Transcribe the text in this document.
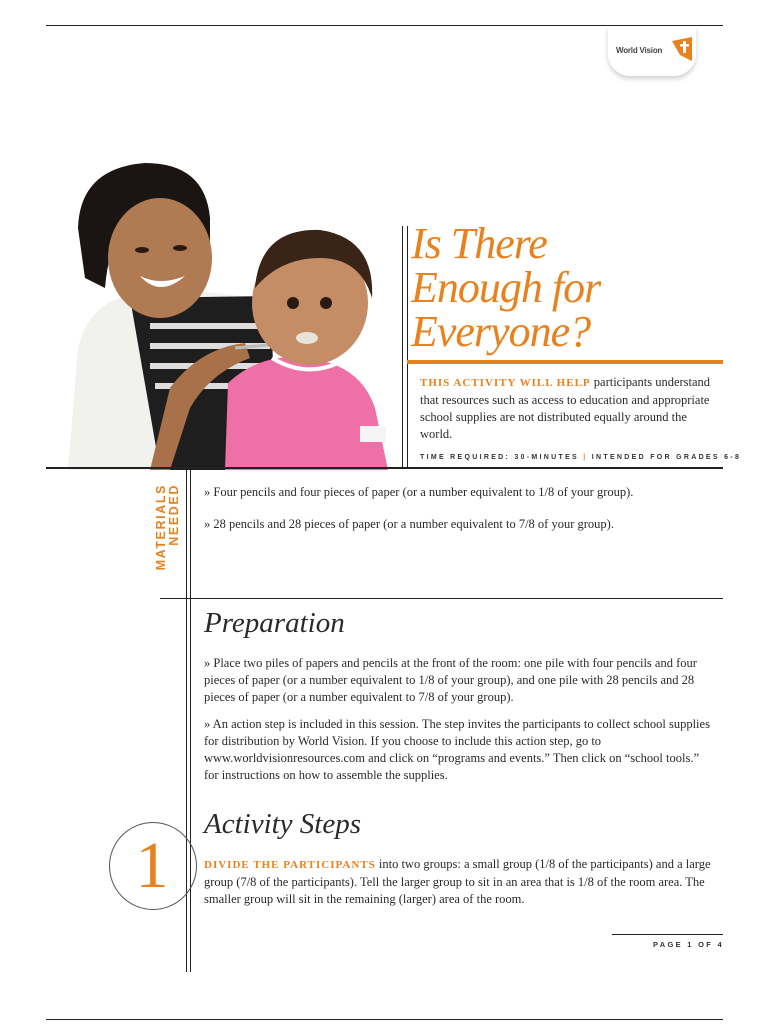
World Vision
Is There
Enough for
Everyone?
THIS ACTIVITY WILL HELP participants understand that resources such as access to education and appropriate school supplies are not distributed equally around the world.
TIME REQUIRED: 30-MINUTES | INTENDED FOR GRADES 6-8
MATERIALS
NEEDED » Four pencils and four pieces of paper (or a number equivalent to 1/8 of your group).
» 28 pencils and 28 pieces of paper (or a number equivalent to 7/8 of your group).
Preparation
» Place two piles of papers and pencils at the front of the room: one pile with four pencils and four pieces of paper (or a number equivalent to 1/8 of your group), and one pile with 28 pencils and 28 pieces of paper (or a number equivalent to 7/8 of your group).
» An action step is included in this session. The step invites the participants to collect school supplies for distribution by World Vision. If you choose to include this action step, go to www.worldvisionresources.com and click on “programs and events.” Then click on “school tools.” for instructions on how to assemble the supplies.
Activity Steps
1	DIVIDE THE PARTICIPANTS into two groups: a small group (1/8 of the participants) and a large group (7/8 of the participants). Tell the larger group to sit in an area that is 1/8 of the room area. The smaller group will sit in the remaining (larger) area of the room.
PAGE 1 OF 4
